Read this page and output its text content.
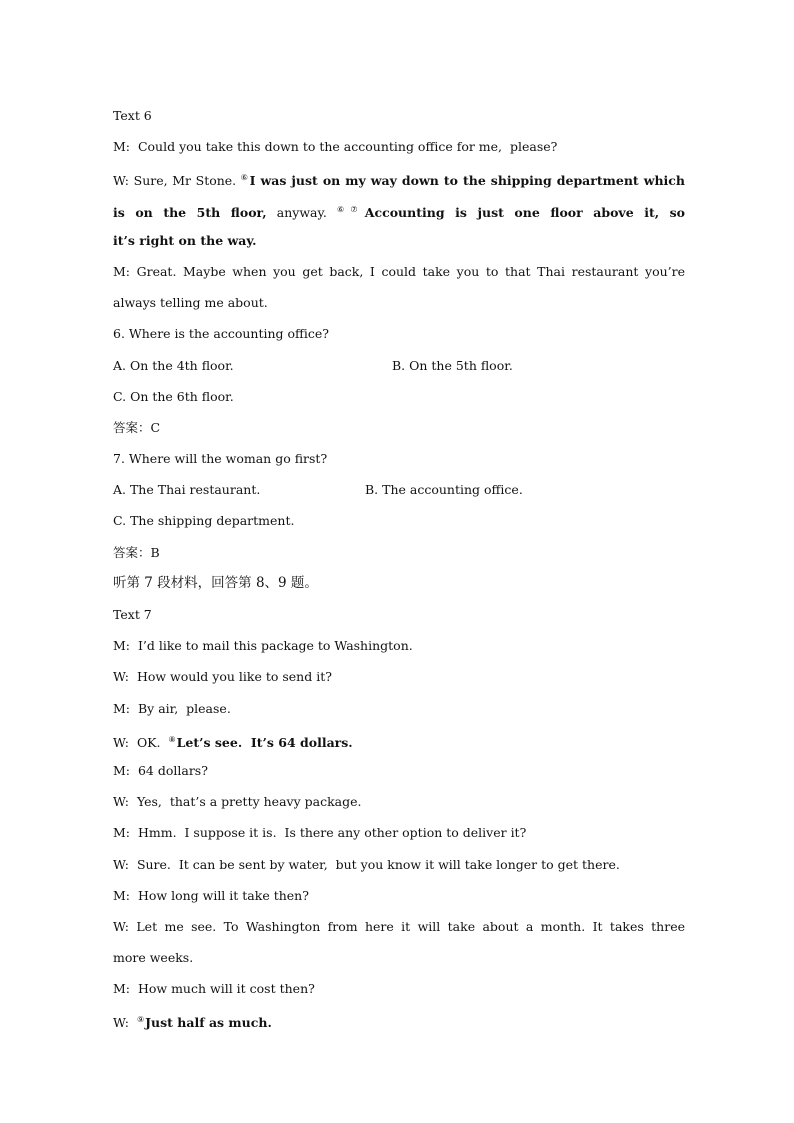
Text 6
M: Could you take this down to the accounting office for me,  please?
W: Sure, Mr Stone. ⑥I was just on my way down to the shipping department which
is on the 5th floor, anyway. ⑥⑦Accounting is just one floor above it, so
it’s right on the way.
M: Great. Maybe when you get back, I could take you to that Thai restaurant you’re
always telling me about.
6. Where is the accounting office?
A. On the 4th floor.	B. On the 5th floor.
C. On the 6th floor.
答案：C
7. Where will the woman go first?
A. The Thai restaurant.	B. The accounting office.
C. The shipping department.
答案：B
听第 7 段材料，回答第 8、9 题。
Text 7
M: I’d like to mail this package to Washington.
W: How would you like to send it?
M: By air,  please.
W: OK.  ⑧Let’s see.  It’s 64 dollars.
M: 64 dollars?
W: Yes,  that’s a pretty heavy package.
M: Hmm.  I suppose it is.  Is there any other option to deliver it?
W: Sure.  It can be sent by water,  but you know it will take longer to get there.
M: How long will it take then?
W: Let me see. To Washington from here it will take about a month. It takes three
more weeks.
M: How much will it cost then?
W: ⑨Just half as much.
